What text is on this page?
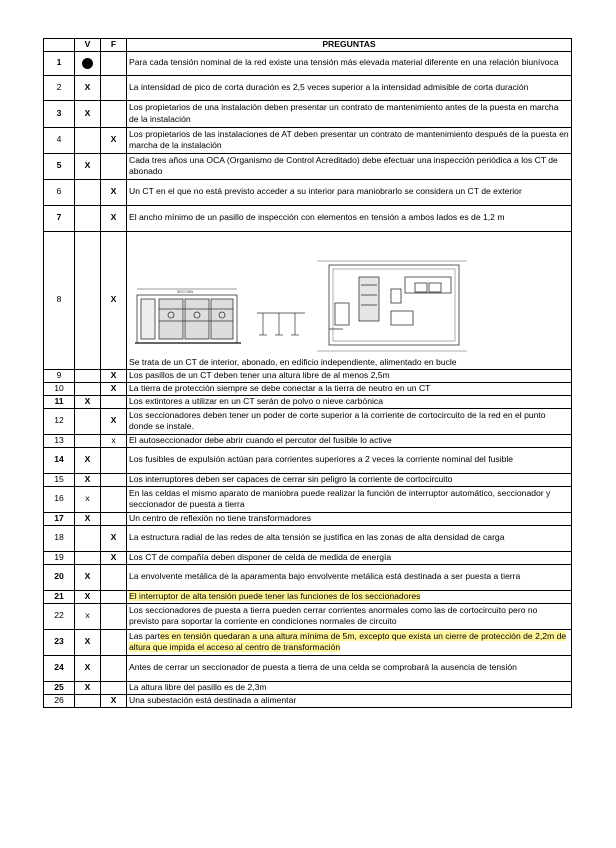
	V	F	PREGUNTAS
1			Para cada tensión nominal de la red existe una tensión más elevada material diferente en una relación biunívoca
2	X		La intensidad de pico de corta duración es 2,5 veces superior a la intensidad admisible de corta duración
3	X		Los propietarios de una instalación deben presentar un contrato de mantenimiento antes de la puesta en marcha de la instalación
4		X	Los propietarios de las instalaciones de AT deben presentar un contrato de mantenimiento después de la puesta en marcha de la instalación
5	X		Cada tres años una OCA (Organismo de Control Acreditado) debe efectuar una inspección periódica a los CT de abonado
6		X	Un CT en el que no está previsto acceder a su interior para maniobrarlo se considera un CT de exterior
7		X	El ancho mínimo de un pasillo de inspección con elementos en tensión a ambos lados es de 1,2 m
8		X	SECCION
Se trata de un CT de interior, abonado, en edificio independiente, alimentado en bucle

9		X	Los pasillos de un CT deben tener una altura libre de al menos 2,5m
10		X	La tierra de protección siempre se debe conectar a la tierra de neutro en un CT
11	X		Los extintores a utilizar en un CT serán de polvo o nieve carbónica
12		X	Los seccionadores deben tener un poder de corte superior a la corriente de cortocircuito de la red en el punto donde se instale.
13		x	El autoseccionador debe abrir cuando el percutor del fusible lo active
14	X		Los fusibles de expulsión actúan para corrientes superiores a 2 veces la corriente nominal del fusible
15	X		Los interruptores deben ser capaces de cerrar sin peligro la corriente de cortocircuito
16	x		En las celdas el mismo aparato de maniobra puede realizar la función de interruptor automático, seccionador y seccionador de puesta a tierra
17	X		Un centro de reflexión no tiene transformadores
18		X	La estructura radial de las redes de alta tensión se justifica en las zonas de alta densidad de carga
19		X	Los CT de compañía deben disponer de celda de medida de energía
20	X		La envolvente metálica de la aparamenta bajo envolvente metálica está destinada a ser puesta a tierra
21	X		El interruptor de alta tensión puede tener las funciones de los seccionadores
22	x		Los seccionadores de puesta a tierra pueden cerrar corrientes anormales como las de cortocircuito pero no previsto para soportar la corriente en condiciones normales de circuito
23	X		Las partes en tensión quedaran a una altura mínima de 5m, excepto que exista un cierre de protección de 2,2m de altura que impida el acceso al centro de transformación
24	X		Antes de cerrar un seccionador de puesta a tierra de una celda se comprobará la ausencia de tensión
25	X		La altura libre del pasillo es de 2,3m
26		X	Una subestación está destinada a alimentar
